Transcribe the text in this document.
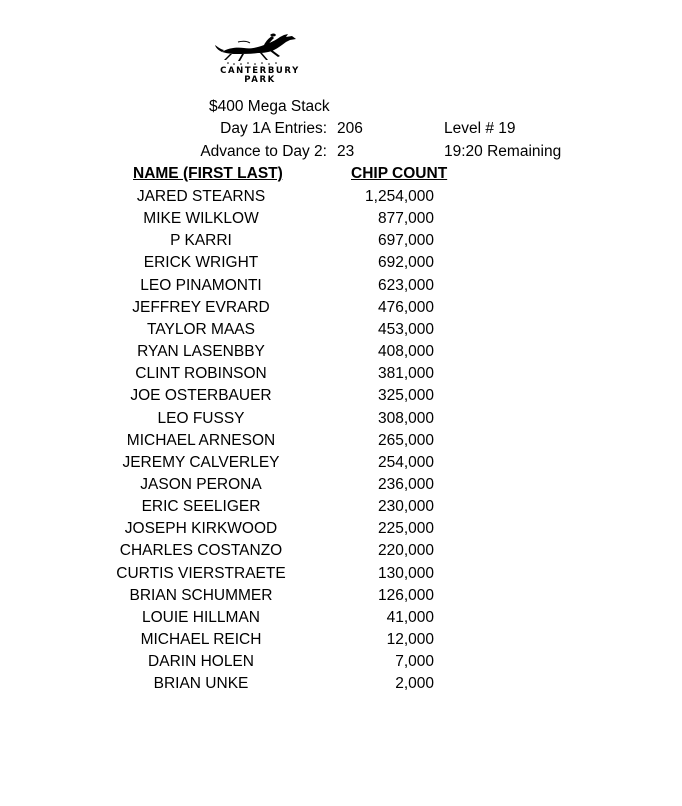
CANTERBURY
PARK
$400 Mega Stack
Day 1A Entries: 206	Level # 19
Advance to Day 2: 23	19:20 Remaining
NAME (FIRST LAST)	CHIP COUNT
JARED STEARNS	1,254,000
MIKE WILKLOW	877,000
P KARRI	697,000
ERICK WRIGHT	692,000
LEO PINAMONTI	623,000
JEFFREY EVRARD	476,000
TAYLOR MAAS	453,000
RYAN LASENBBY	408,000
CLINT ROBINSON	381,000
JOE OSTERBAUER	325,000
LEO FUSSY	308,000
MICHAEL ARNESON	265,000
JEREMY CALVERLEY	254,000
JASON PERONA	236,000
ERIC SEELIGER	230,000
JOSEPH KIRKWOOD	225,000
CHARLES COSTANZO	220,000
CURTIS VIERSTRAETE	130,000
BRIAN SCHUMMER	126,000
LOUIE HILLMAN	41,000
MICHAEL REICH	12,000
DARIN HOLEN	7,000
BRIAN UNKE	2,000
